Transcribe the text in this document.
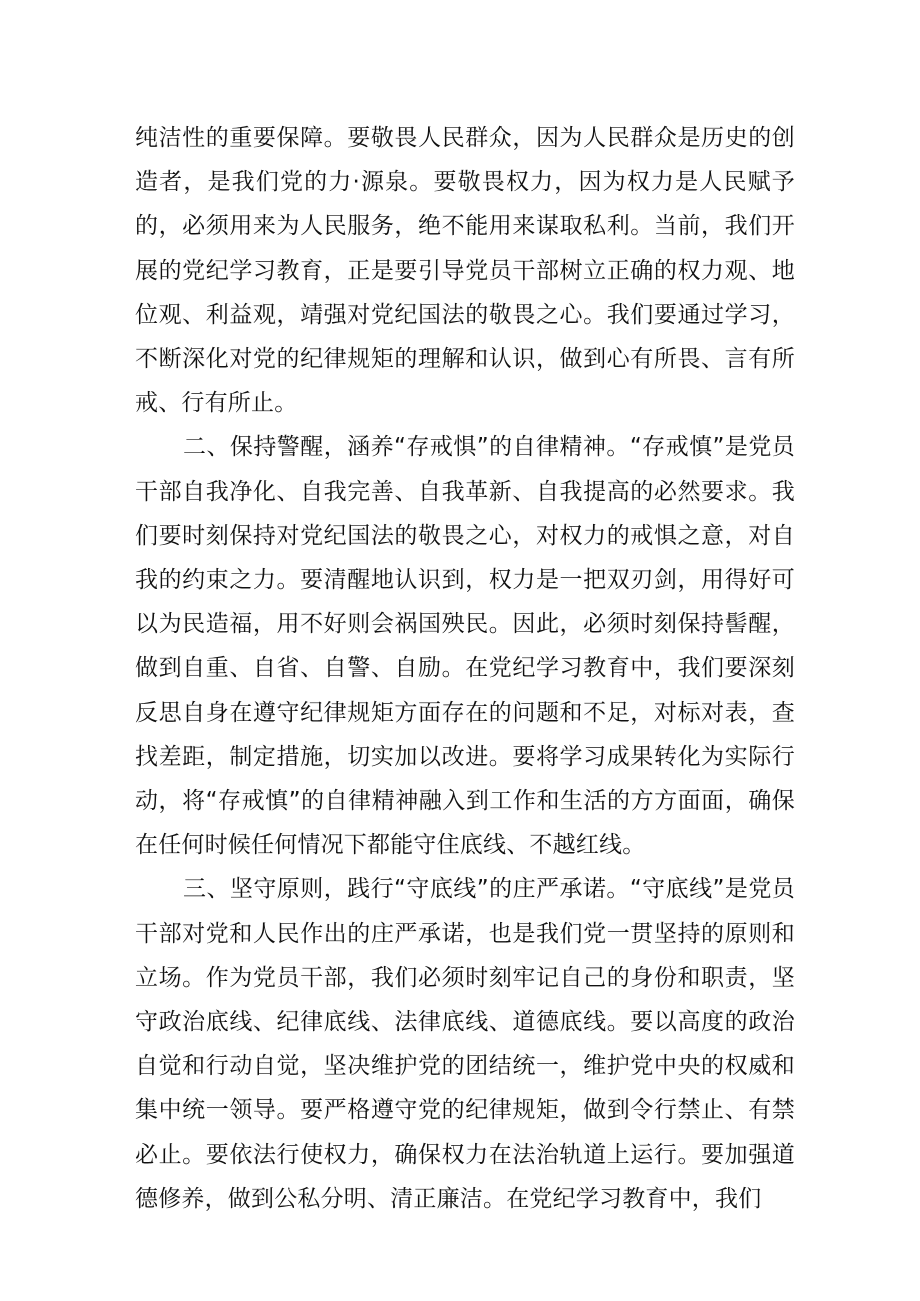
纯洁性的重要保障。要敬畏人民群众，因为人民群众是历史的创造者，是我们党的力·源泉。要敬畏权力，因为权力是人民赋予的，必须用来为人民服务，绝不能用来谋取私利。当前，我们开展的党纪学习教育，正是要引导党员干部树立正确的权力观、地位观、利益观，靖强对党纪国法的敬畏之心。我们要通过学习，不断深化对党的纪律规矩的理解和认识，做到心有所畏、言有所戒、行有所止。

二、保持警醒，涵养“存戒惧”的自律精神。“存戒慎”是党员干部自我净化、自我完善、自我革新、自我提高的必然要求。我们要时刻保持对党纪国法的敬畏之心，对权力的戒惧之意，对自我的约束之力。要清醒地认识到，权力是一把双刃剑，用得好可以为民造福，用不好则会祸国殃民。因此，必须时刻保持髻醒，做到自重、自省、自警、自励。在党纪学习教育中，我们要深刻反思自身在遵守纪律规矩方面存在的问题和不足，对标对表，查找差距，制定措施，切实加以改进。要将学习成果转化为实际行动，将“存戒慎”的自律精神融入到工作和生活的方方面面，确保在任何时候任何情况下都能守住底线、不越红线。

三、坚守原则，践行“守底线”的庄严承诺。“守底线”是党员干部对党和人民作出的庄严承诺，也是我们党一贯坚持的原则和立场。作为党员干部，我们必须时刻牢记自己的身份和职责，坚守政治底线、纪律底线、法律底线、道德底线。要以高度的政治自觉和行动自觉，坚决维护党的团结统一，维护党中央的权威和集中统一领导。要严格遵守党的纪律规矩，做到令行禁止、有禁必止。要依法行使权力，确保权力在法治轨道上运行。要加强道德修养，做到公私分明、清正廉洁。在党纪学习教育中，我们
